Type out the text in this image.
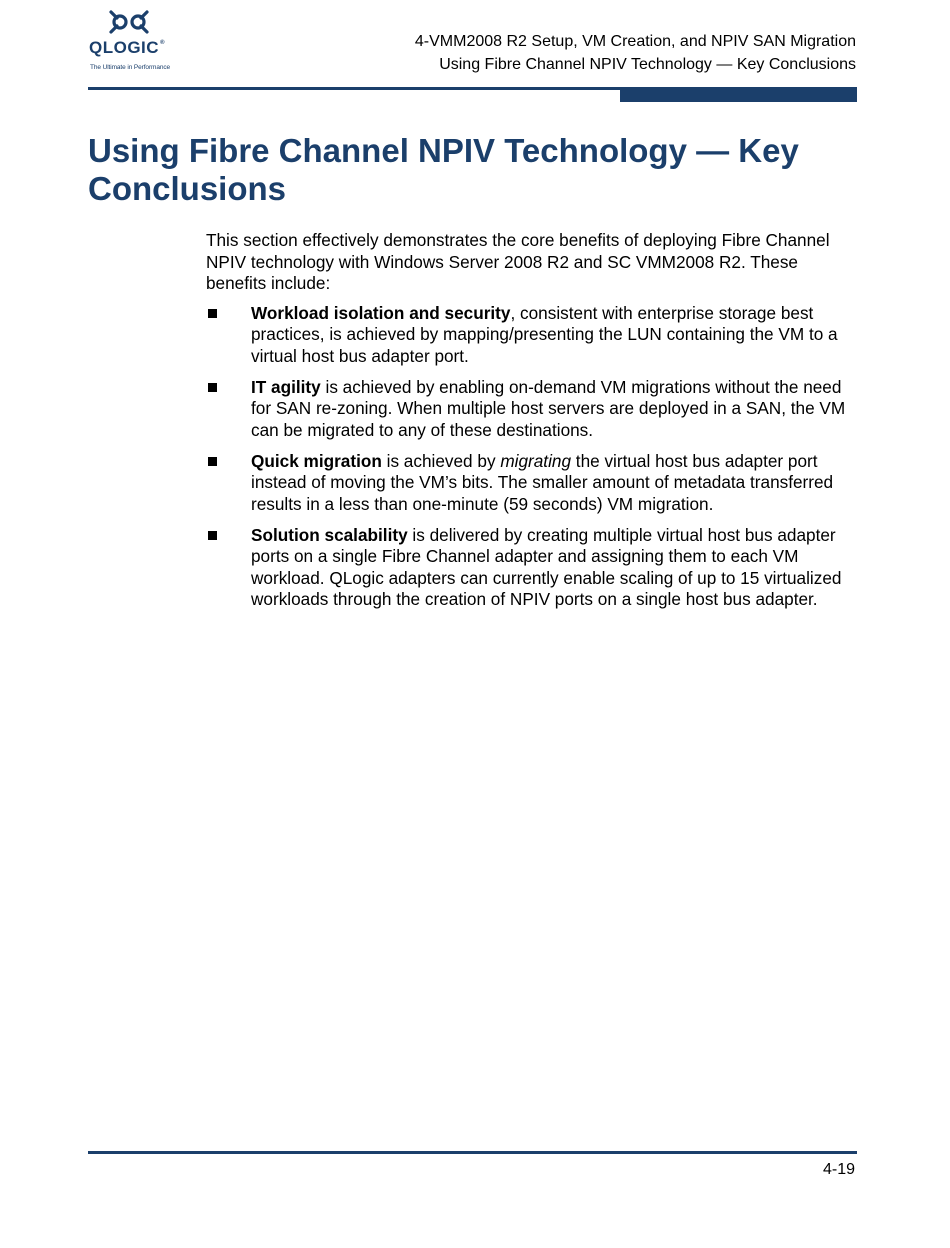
QLOGIC®
The Ultimate in Performance
4-VMM2008 R2 Setup, VM Creation, and NPIV SAN Migration
Using Fibre Channel NPIV Technology — Key Conclusions
Using Fibre Channel NPIV Technology — Key Conclusions

This section effectively demonstrates the core benefits of deploying Fibre Channel NPIV technology with Windows Server 2008 R2 and SC VMM2008 R2. These benefits include:

Workload isolation and security, consistent with enterprise storage best practices, is achieved by mapping/presenting the LUN containing the VM to a virtual host bus adapter port.
IT agility is achieved by enabling on-demand VM migrations without the need for SAN re-zoning. When multiple host servers are deployed in a SAN, the VM can be migrated to any of these destinations.
Quick migration is achieved by migrating the virtual host bus adapter port instead of moving the VM’s bits. The smaller amount of metadata transferred results in a less than one-minute (59 seconds) VM migration.
Solution scalability is delivered by creating multiple virtual host bus adapter ports on a single Fibre Channel adapter and assigning them to each VM workload. QLogic adapters can currently enable scaling of up to 15 virtualized workloads through the creation of NPIV ports on a single host bus adapter.
4-19
